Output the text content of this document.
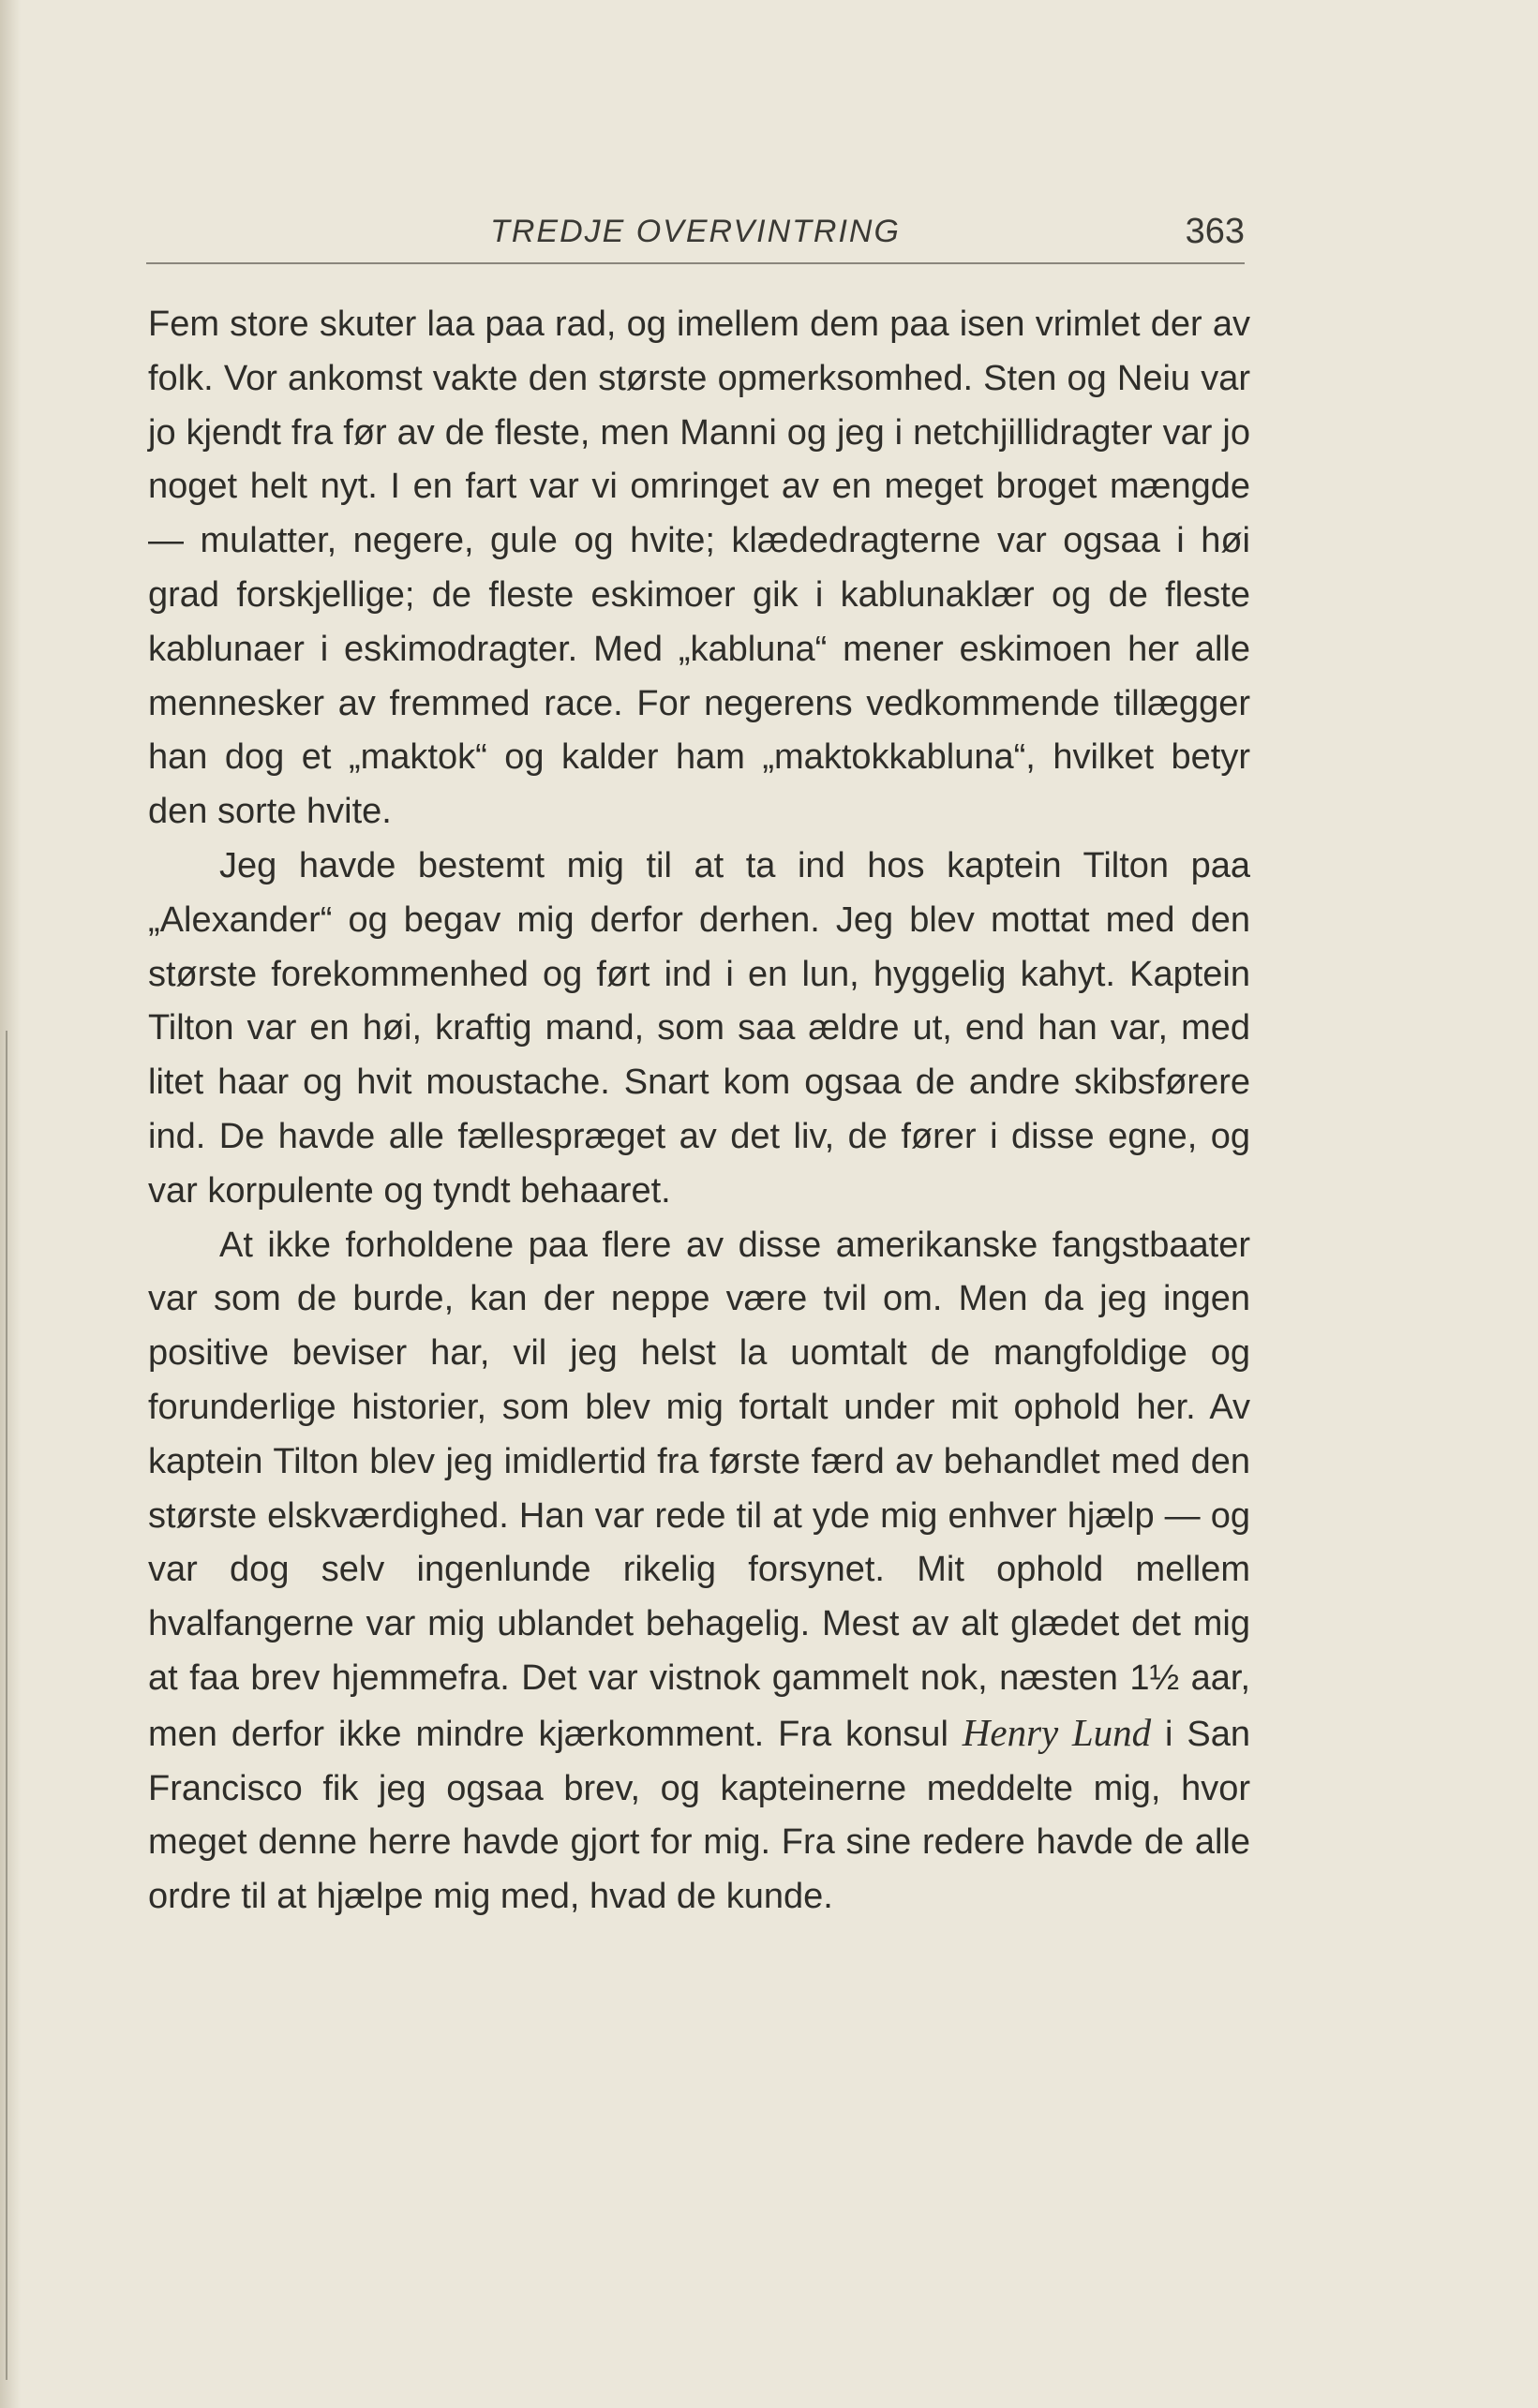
TREDJE OVERVINTRING	363

Fem store skuter laa paa rad, og imellem dem paa isen vrimlet der av folk. Vor ankomst vakte den største opmerksomhed. Sten og Neiu var jo kjendt fra før av de fleste, men Manni og jeg i netchjillidragter var jo noget helt nyt. I en fart var vi omringet av en meget broget mængde — mulatter, negere, gule og hvite; klædedragterne var ogsaa i høi grad forskjellige; de fleste eskimoer gik i kablunaklær og de fleste kablunaer i eskimodragter. Med „kabluna“ mener eskimoen her alle mennesker av fremmed race. For negerens vedkommende tillægger han dog et „maktok“ og kalder ham „maktokkabluna“, hvilket betyr den sorte hvite.

Jeg havde bestemt mig til at ta ind hos kaptein Tilton paa „Alexander“ og begav mig derfor derhen. Jeg blev mottat med den største forekommenhed og ført ind i en lun, hyggelig kahyt. Kaptein Tilton var en høi, kraftig mand, som saa ældre ut, end han var, med litet haar og hvit moustache. Snart kom ogsaa de andre skibsførere ind. De havde alle fællespræget av det liv, de fører i disse egne, og var korpulente og tyndt behaaret.

At ikke forholdene paa flere av disse amerikanske fangstbaater var som de burde, kan der neppe være tvil om. Men da jeg ingen positive beviser har, vil jeg helst la uomtalt de mangfoldige og forunderlige historier, som blev mig fortalt under mit ophold her. Av kaptein Tilton blev jeg imidlertid fra første færd av behandlet med den største elskværdighed. Han var rede til at yde mig enhver hjælp — og var dog selv ingenlunde rikelig forsynet. Mit ophold mellem hvalfangerne var mig ublandet behagelig. Mest av alt glædet det mig at faa brev hjemmefra. Det var vistnok gammelt nok, næsten 1½ aar, men derfor ikke mindre kjærkomment. Fra konsul Henry Lund i San Francisco fik jeg ogsaa brev, og kapteinerne meddelte mig, hvor meget denne herre havde gjort for mig. Fra sine redere havde de alle ordre til at hjælpe mig med, hvad de kunde.
